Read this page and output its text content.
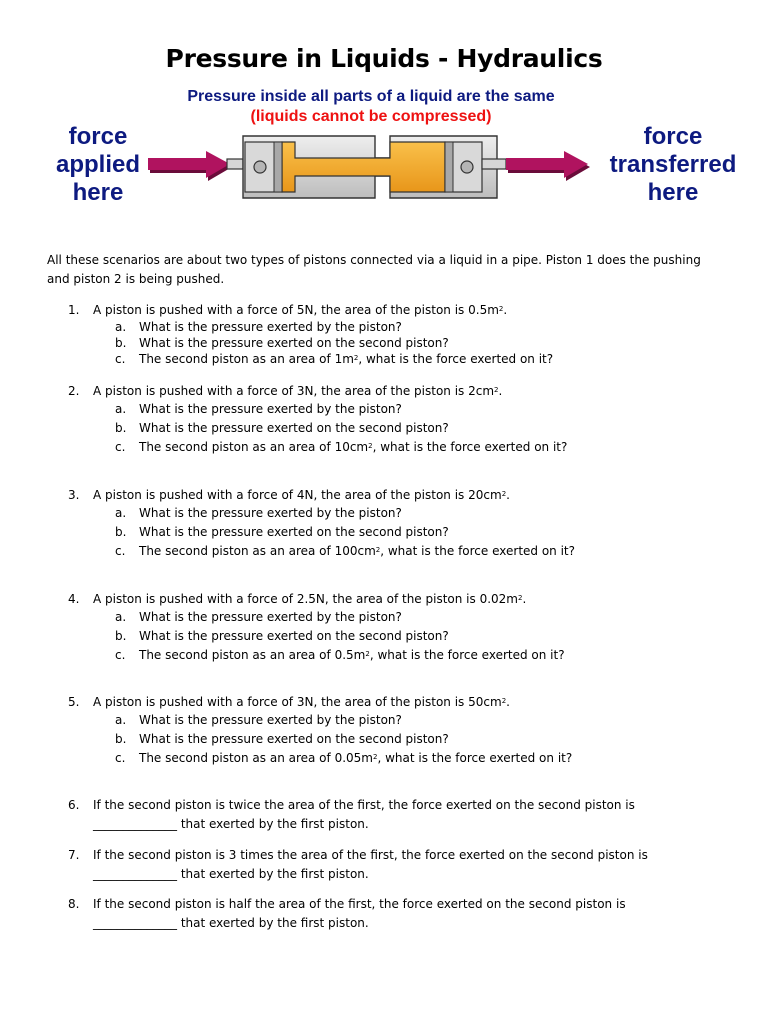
Pressure in Liquids - Hydraulics
Pressure inside all parts of a liquid are the same
(liquids cannot be compressed)
force
applied
here
force
transferred
here
All these scenarios are about two types of pistons connected via a liquid in a pipe. Piston 1 does the pushing and piston 2 is being pushed.
1. A piston is pushed with a force of 5N, the area of the piston is $0.5m^2$.
a. What is the pressure exerted by the piston?
b. What is the pressure exerted on the second piston?
c. The second piston as an area of $1m^2$, what is the force exerted on it?
2. A piston is pushed with a force of 3N, the area of the piston is $2cm^2$.
a. What is the pressure exerted by the piston?
b. What is the pressure exerted on the second piston?
c. The second piston as an area of $10cm^2$, what is the force exerted on it?
3. A piston is pushed with a force of 4N, the area of the piston is $20cm^2$.
a. What is the pressure exerted by the piston?
b. What is the pressure exerted on the second piston?
c. The second piston as an area of $100cm^2$, what is the force exerted on it?
4. A piston is pushed with a force of 2.5N, the area of the piston is $0.02m^2$.
a. What is the pressure exerted by the piston?
b. What is the pressure exerted on the second piston?
c. The second piston as an area of $0.5m^2$, what is the force exerted on it?
5. A piston is pushed with a force of 3N, the area of the piston is $50cm^2$.
a. What is the pressure exerted by the piston?
b. What is the pressure exerted on the second piston?
c. The second piston as an area of $0.05m^2$, what is the force exerted on it?
6. If the second piston is twice the area of the first, the force exerted on the second piston is
______________ that exerted by the first piston.
7. If the second piston is 3 times the area of the first, the force exerted on the second piston is
______________ that exerted by the first piston.
8. If the second piston is half the area of the first, the force exerted on the second piston is
______________ that exerted by the first piston.
